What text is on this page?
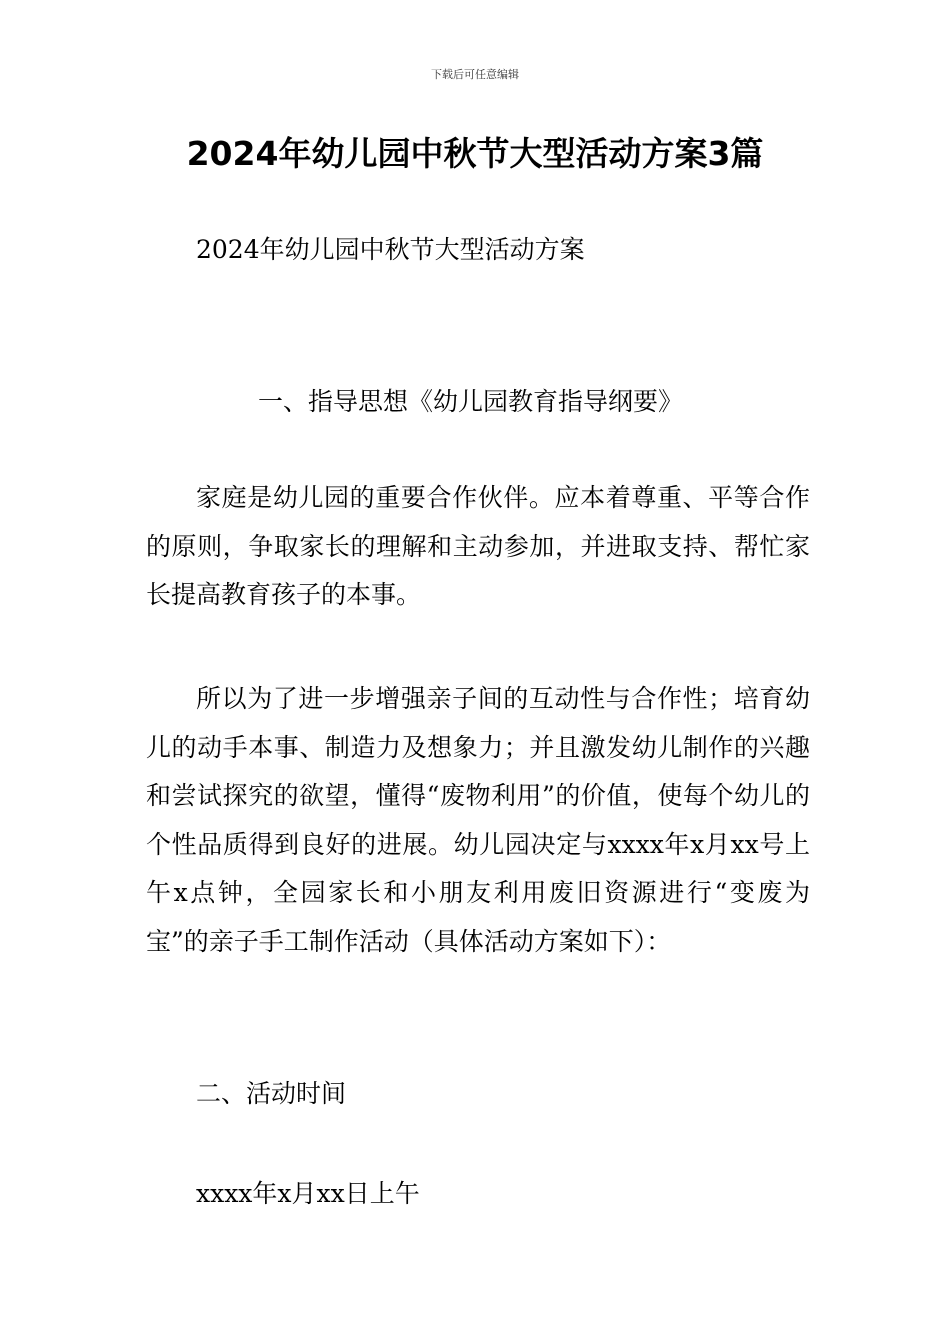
下载后可任意编辑
2024年幼儿园中秋节大型活动方案3篇

2024年幼儿园中秋节大型活动方案

一、指导思想《幼儿园教育指导纲要》

家庭是幼儿园的重要合作伙伴。应本着尊重、平等合作的原则，争取家长的理解和主动参加，并进取支持、帮忙家长提高教育孩子的本事。

所以为了进一步增强亲子间的互动性与合作性；培育幼儿的动手本事、制造力及想象力；并且激发幼儿制作的兴趣和尝试探究的欲望，懂得“废物利用”的价值，使每个幼儿的个性品质得到良好的进展。幼儿园决定与xxxx年x月xx号上午x点钟，全园家长和小朋友利用废旧资源进行“变废为宝”的亲子手工制作活动（具体活动方案如下）：

二、活动时间

xxxx年x月xx日上午
